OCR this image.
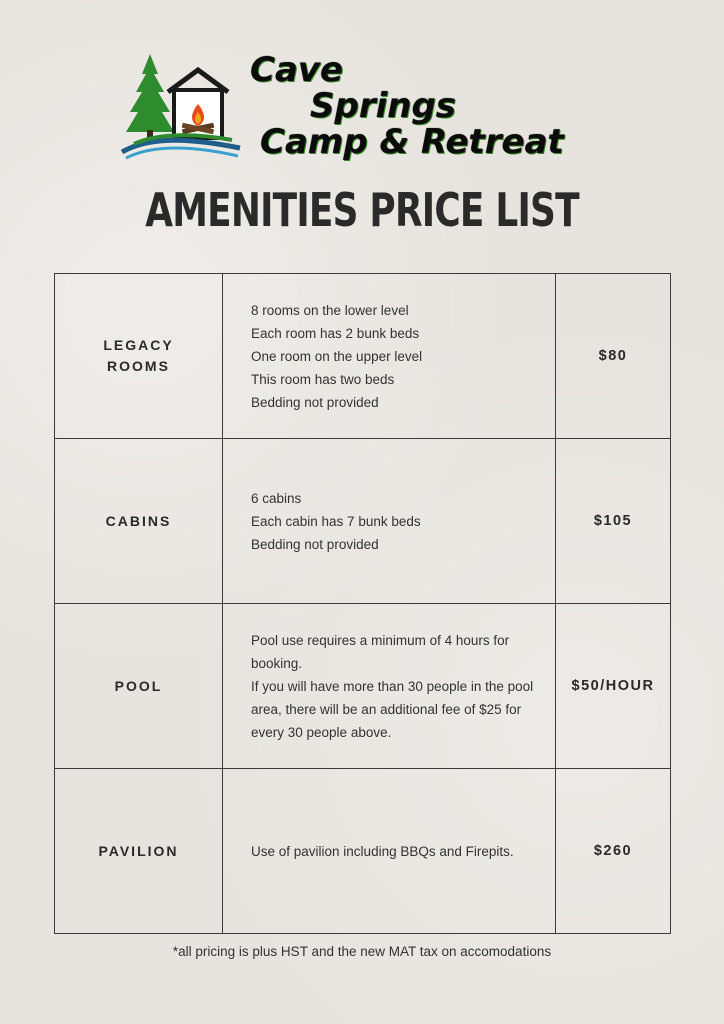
Cave
Springs
Camp & Retreat
AMENITIES PRICE LIST
LEGACY ROOMS	8 rooms on the lower level
Each room has 2 bunk beds
One room on the upper level
This room has two beds
Bedding not provided	$80
CABINS	6 cabins
Each cabin has 7 bunk beds
Bedding not provided	$105
POOL	Pool use requires a minimum of 4 hours for booking.
If you will have more than 30 people in the pool area, there will be an additional fee of $25 for every 30 people above.	$50/HOUR
PAVILION	Use of pavilion including BBQs and Firepits.	$260
*all pricing is plus HST and the new MAT tax on accomodations
